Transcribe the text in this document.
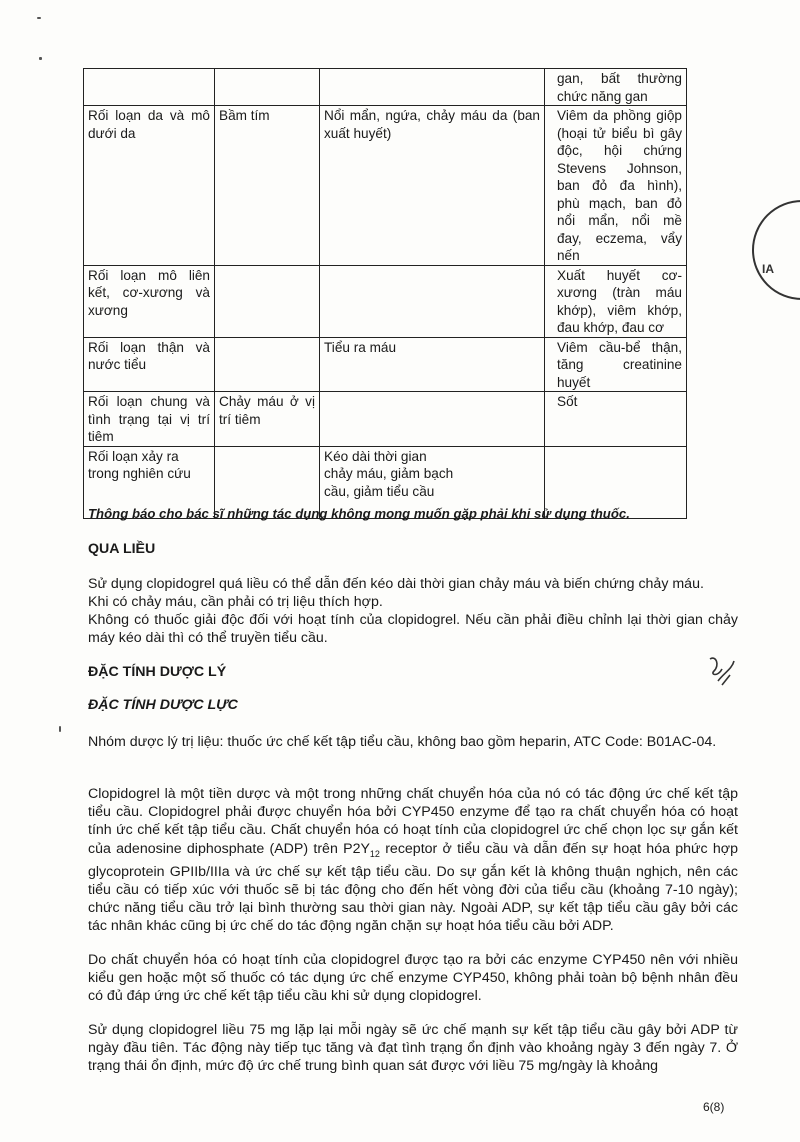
			gan, bất thường chức năng gan
Rối loạn da và mô dưới da	Bầm tím	Nổi mẩn, ngứa, chảy máu da (ban xuất huyết)	Viêm da phồng giộp (hoại tử biểu bì gây độc, hội chứng Stevens Johnson, ban đỏ đa hình), phù mạch, ban đỏ nổi mẩn, nổi mề đay, eczema, vẩy nến
Rối loạn mô liên kết, cơ-xương và xương			Xuất huyết cơ-xương (tràn máu khớp), viêm khớp, đau khớp, đau cơ
Rối loạn thận và nước tiểu		Tiểu ra máu	Viêm cầu-bể thận, tăng creatinine huyết
Rối loạn chung và tình trạng tại vị trí tiêm	Chảy máu ở vị trí tiêm		Sốt
Rối loạn xảy ra trong nghiên cứu		Kéo dài thời gian chảy máu, giảm bạch cầu, giảm tiểu cầu	
Thông báo cho bác sĩ những tác dụng không mong muốn gặp phải khi sử dụng thuốc.
QUA LIỀU

Sử dụng clopidogrel quá liều có thể dẫn đến kéo dài thời gian chảy máu và biến chứng chảy máu.

Khi có chảy máu, cần phải có trị liệu thích hợp.

Không có thuốc giải độc đối với hoạt tính của clopidogrel. Nếu cần phải điều chỉnh lại thời gian chảy máy kéo dài thì có thể truyền tiểu cầu.

ĐẶC TÍNH DƯỢC LÝ
ĐẶC TÍNH DƯỢC LỰC

Nhóm dược lý trị liệu: thuốc ức chế kết tập tiểu cầu, không bao gồm heparin, ATC Code: B01AC-04.

Clopidogrel là một tiền dược và một trong những chất chuyển hóa của nó có tác động ức chế kết tập tiểu cầu. Clopidogrel phải được chuyển hóa bởi CYP450 enzyme để tạo ra chất chuyển hóa có hoạt tính ức chế kết tập tiểu cầu. Chất chuyển hóa có hoạt tính của clopidogrel ức chế chọn lọc sự gắn kết của adenosine diphosphate (ADP) trên $P2Y_{12}$ receptor ở tiểu cầu và dẫn đến sự hoạt hóa phức hợp glycoprotein GPIIb/IIIa và ức chế sự kết tập tiểu cầu. Do sự gắn kết là không thuận nghịch, nên các tiểu cầu có tiếp xúc với thuốc sẽ bị tác động cho đến hết vòng đời của tiểu cầu (khoảng 7-10 ngày); chức năng tiểu cầu trở lại bình thường sau thời gian này. Ngoài ADP, sự kết tập tiểu cầu gây bởi các tác nhân khác cũng bị ức chế do tác động ngăn chặn sự hoạt hóa tiểu cầu bởi ADP.

Do chất chuyển hóa có hoạt tính của clopidogrel được tạo ra bởi các enzyme CYP450 nên với nhiều kiểu gen hoặc một số thuốc có tác dụng ức chế enzyme CYP450, không phải toàn bộ bệnh nhân đều có đủ đáp ứng ức chế kết tập tiểu cầu khi sử dụng clopidogrel.

Sử dụng clopidogrel liều 75 mg lặp lại mỗi ngày sẽ ức chế mạnh sự kết tập tiểu cầu gây bởi ADP từ ngày đầu tiên. Tác động này tiếp tục tăng và đạt tình trạng ổn định vào khoảng ngày 3 đến ngày 7. Ở trạng thái ổn định, mức độ ức chế trung bình quan sát được với liều 75 mg/ngày là khoảng

6(8)
IA
